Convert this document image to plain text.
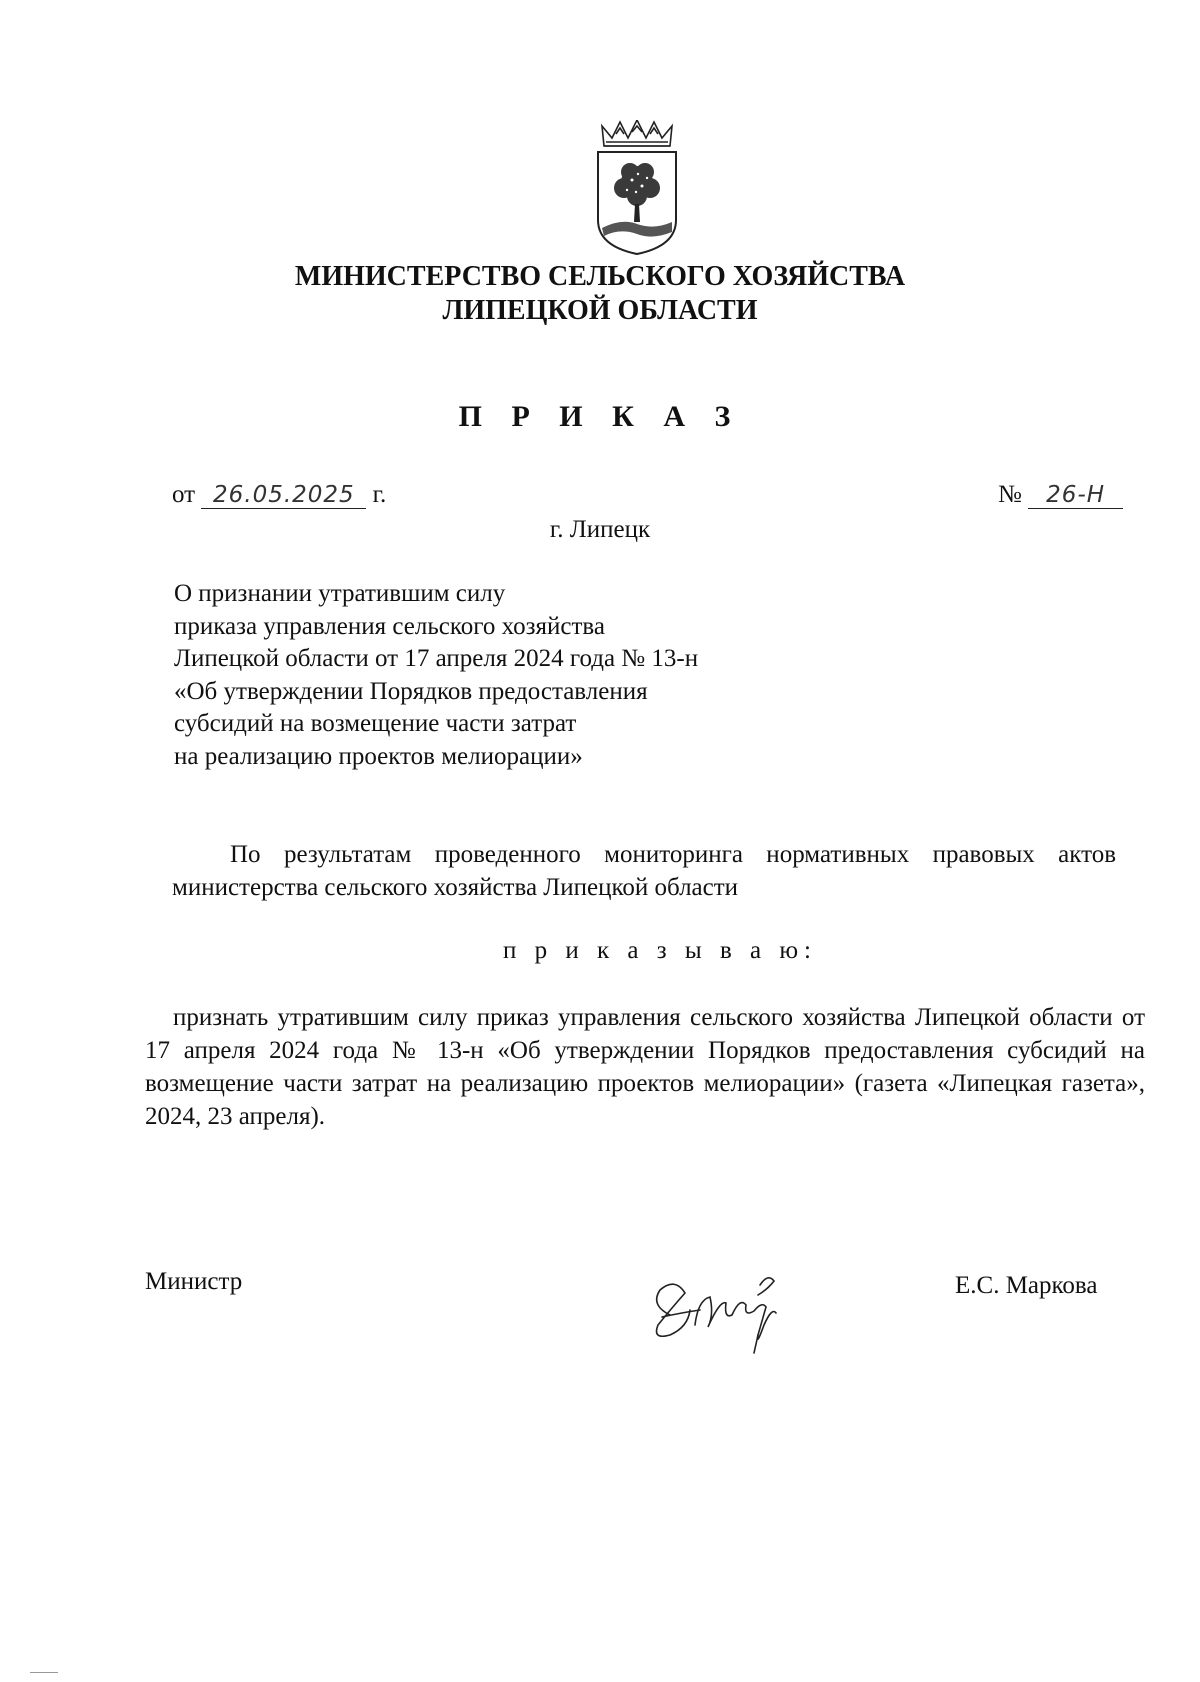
МИНИСТЕРСТВО СЕЛЬСКОГО ХОЗЯЙСТВА
ЛИПЕЦКОЙ ОБЛАСТИ
П Р И К А З
от 26.05.2025 г.	№ 26-Н
г. Липецк
О признании утратившим силу
приказа управления сельского хозяйства
Липецкой области от 17 апреля 2024 года № 13-н
«Об утверждении Порядков предоставления
субсидий на возмещение части затрат
на реализацию проектов мелиорации»
По результатам проведенного мониторинга нормативных правовых актов министерства сельского хозяйства Липецкой области
п р и к а з ы в а ю:
признать утратившим силу приказ управления сельского хозяйства Липецкой области от 17 апреля 2024 года № 13-н «Об утверждении Порядков предоставления субсидий на возмещение части затрат на реализацию проектов мелиорации» (газета «Липецкая газета», 2024, 23 апреля).
Министр	Е.С. Маркова
